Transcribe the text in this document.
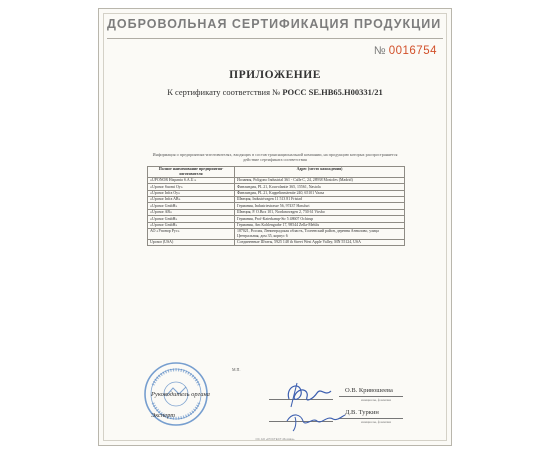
ДОБРОВОЛЬНАЯ СЕРТИФИКАЦИЯ ПРОДУКЦИИ
№ 0016754
ПРИЛОЖЕНИЕ
К сертификату соответствия № РОСС SE.HB65.H00331/21
Информация о предприятиях-изготовителях, входящих в состав транснациональной компании, на продукцию которых распространяется действие сертификата соответствия
Полное наименование предприятия-изготовителя	Адрес (место нахождения)
«UPONOR Hispania S.A.U.»	Испания, Poligono Industrial 361 - Calle C, 24, 28938 Mostoles (Madrid)
«Uponor Suomi Oy»	Финляндия, PL 21, Kouvolantie 365, 15561, Nastola
«Uponor Infra Oy»	Финляндия, PL 21, Kappelinmäentie 240, 65101 Vaasa
«Uponor Infra AB»	Швеция, Industrivagen 11 513 81 Fristad
«Uponor GmbH»	Германия, Industriestrasse 56, 97437 Hassfurt
«Uponor AB»	Швеция, P. O.Box 101, Nordanovagen 2, 730 61 Virsbo
«Uponor GmbH»	Германия, Prof-Katerkamp-Str 5 48607 Ochtrup
«Uponor GmbH»	Германия, Am Kohlengrabe 17, 98544 Zella-Mehlis
АО «Упонор Рус»	187021, Россия, Ленинградская область, Тосненский район, деревня Аннолово, улица Центральная, дом 35, корпус 6
Uponor (USA)	Соединенные Штаты, 5925 148 th Street West Apple Valley, MN 55124, USA
М.П.
Руководитель органа
О.В. Кривошеева
инициалы, фамилия
Эксперт	Д.В. Туркин
инициалы, фамилия
ОС АО «РОСТЕСТ-Москва»
